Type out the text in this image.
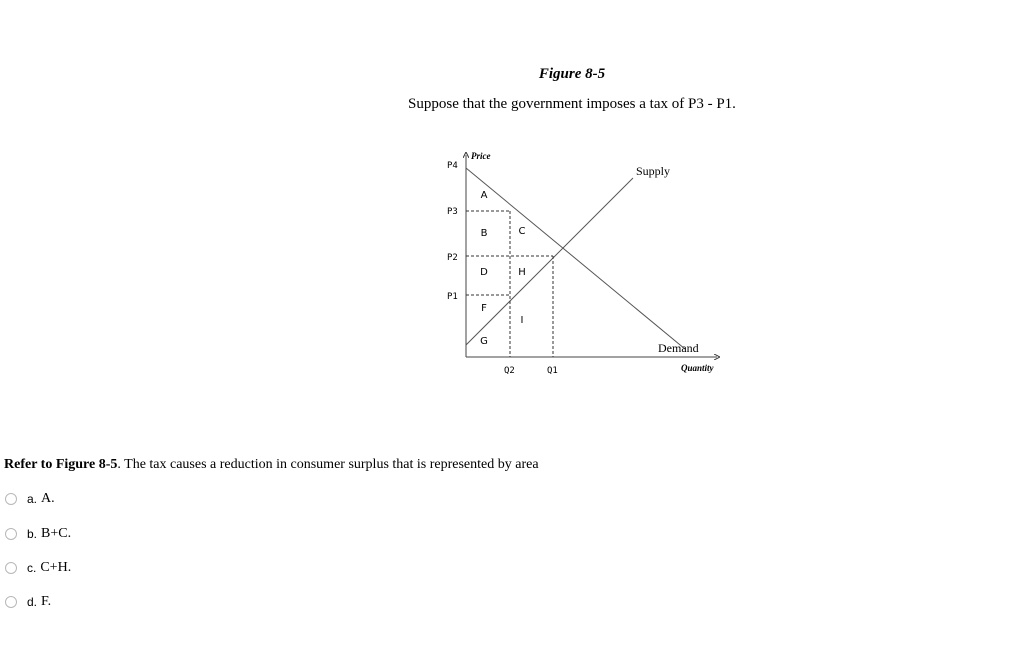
Figure 8-5
Suppose that the government imposes a tax of P3 - P1.
P4
P3
P2
P1
Q2	Q1
Price
Quantity
A
B	C
D	H
F
I
G
Supply
Demand
Refer to Figure 8-5. The tax causes a reduction in consumer surplus that is represented by area
a. A.
b. B+C.
c. C+H.
d. F.
